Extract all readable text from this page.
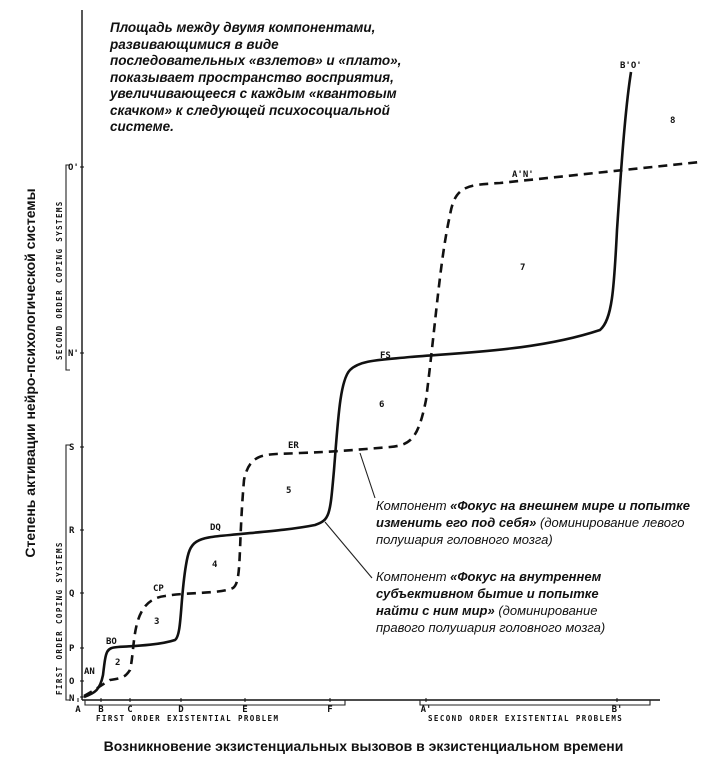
N
O
P
Q
R
S
N'
O'
A B	C	D	E	F	A'	B'
FIRST ORDER COPING SYSTEMS
SECOND ORDER COPING SYSTEMS
FIRST ORDER EXISTENTIAL PROBLEM	SECOND ORDER EXISTENTIAL PROBLEMS
AN
BO
CP
DQ
ER
FS
A'N'
B'O'
2
3
4
5
6
7
8
Площадь между двумя компонентами, развивающимися в виде последовательных «взлетов» и «плато», показывает пространство восприятия, увеличивающееся с каждым «квантовым скачком» к следующей психосоциальной системе.
Компонент «Фокус на внешнем мире и попытке изменить его под себя» (доминирование левого полушария головного мозга)
Компонент «Фокус на внутреннем субъективном бытие и попытке найти с ним мир» (доминирование правого полушария головного мозга)
Степень активации нейро-психологической системы
Возникновение экзистенциальных вызовов в экзистенциальном времени
